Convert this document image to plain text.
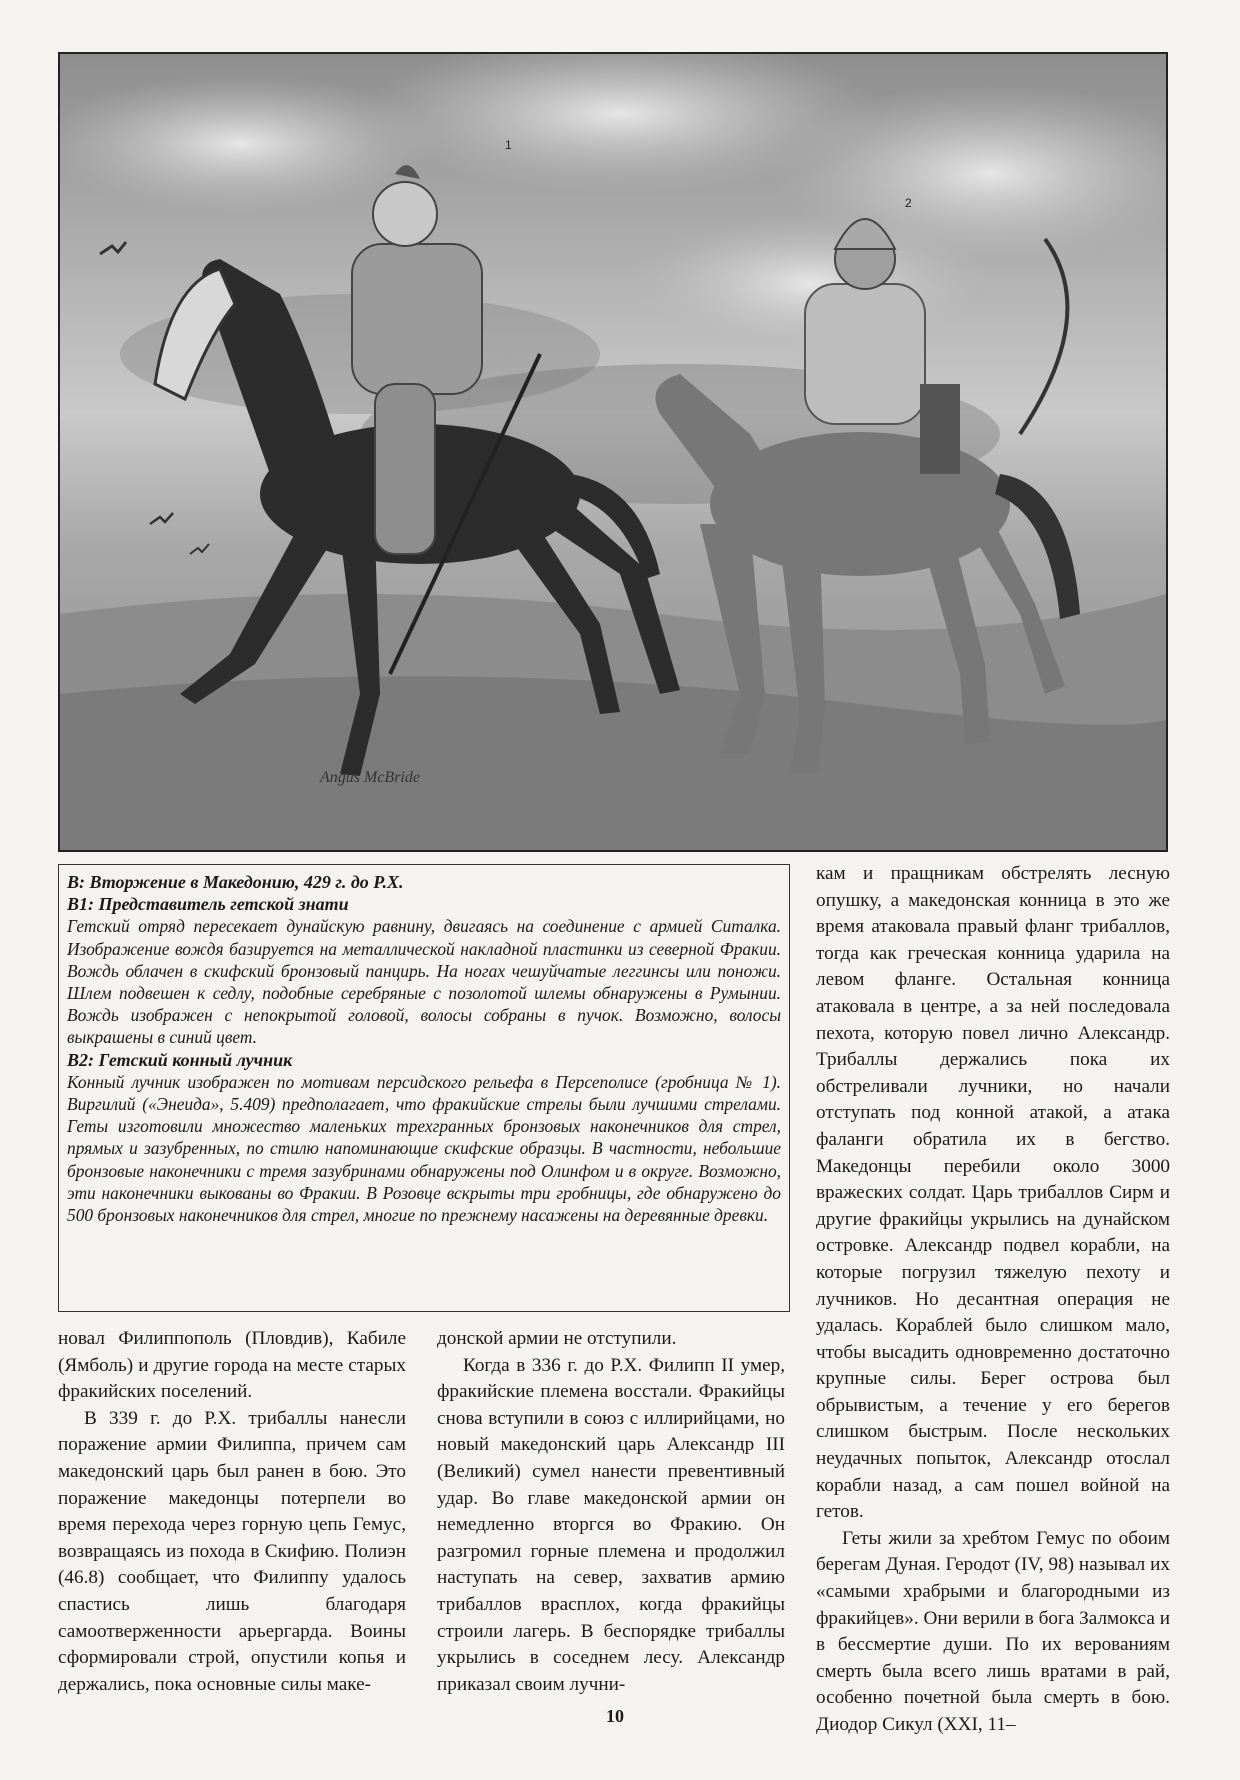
Angus McBride
1
2

B: Вторжение в Македонию, 429 г. до Р.Х.

B1: Представитель гетской знати

Гетский отряд пересекает дунайскую равнину, двигаясь на соединение с армией Ситалка. Изображение вождя базируется на металлической накладной пластинки из северной Фракии. Вождь облачен в скифский бронзовый панцирь. На ногах чешуйчатые леггинсы или поножи. Шлем подвешен к седлу, подобные серебряные с позолотой шлемы обнаружены в Румынии. Вождь изображен с непокрытой головой, волосы собраны в пучок. Возможно, волосы выкрашены в синий цвет.

B2: Гетский конный лучник

Конный лучник изображен по мотивам персидского рельефа в Персеполисе (гробница № 1). Виргилий («Энеида», 5.409) предполагает, что фракийские стрелы были лучшими стрелами. Геты изготовили множество маленьких трехгранных бронзовых наконечников для стрел, прямых и зазубренных, по стилю напоминающие скифские образцы. В частности, небольшие бронзовые наконечники с тремя зазубринами обнаружены под Олинфом и в округе. Возможно, эти наконечники выкованы во Фракии. В Розовце вскрыты три гробницы, где обнаружено до 500 бронзовых наконечников для стрел, многие по прежнему насажены на деревянные древки.

кам и пращникам обстрелять лесную опушку, а македонская конница в это же время атаковала правый фланг трибаллов, тогда как греческая конница ударила на левом фланге. Остальная конница атаковала в центре, а за ней последовала пехота, которую повел лично Александр. Трибаллы держались пока их обстреливали лучники, но начали отступать под конной атакой, а атака фаланги обратила их в бегство. Македонцы перебили около 3000 вражеских солдат. Царь трибаллов Сирм и другие фракийцы укрылись на дунайском островке. Александр подвел корабли, на которые погрузил тяжелую пехоту и лучников. Но десантная операция не удалась. Кораблей было слишком мало, чтобы высадить одновременно достаточно крупные силы. Берег острова был обрывистым, а течение у его берегов слишком быстрым. После нескольких неудачных попыток, Александр отослал корабли назад, а сам пошел войной на гетов.

Геты жили за хребтом Гемус по обоим берегам Дуная. Геродот (IV, 98) называл их «самыми храбрыми и благородными из фракийцев». Они верили в бога Залмокса и в бессмертие души. По их верованиям смерть была всего лишь вратами в рай, особенно почетной была смерть в бою. Диодор Сикул (XXI, 11–

новал Филиппополь (Пловдив), Кабиле (Ямболь) и другие города на месте старых фракийских поселений.

В 339 г. до Р.Х. трибаллы нанесли поражение армии Филиппа, причем сам македонский царь был ранен в бою. Это поражение македонцы потерпели во время перехода через горную цепь Гемус, возвращаясь из похода в Скифию. Полиэн (46.8) сообщает, что Филиппу удалось спастись лишь благодаря самоотверженности арьергарда. Воины сформировали строй, опустили копья и держались, пока основные силы маке-

донской армии не отступили.

Когда в 336 г. до Р.Х. Филипп II умер, фракийские племена восстали. Фракийцы снова вступили в союз с иллирийцами, но новый македонский царь Александр III (Великий) сумел нанести превентивный удар. Во главе македонской армии он немедленно вторгся во Фракию. Он разгромил горные племена и продолжил наступать на север, захватив армию трибаллов врасплох, когда фракийцы строили лагерь. В беспорядке трибаллы укрылись в соседнем лесу. Александр приказал своим лучни-

10
